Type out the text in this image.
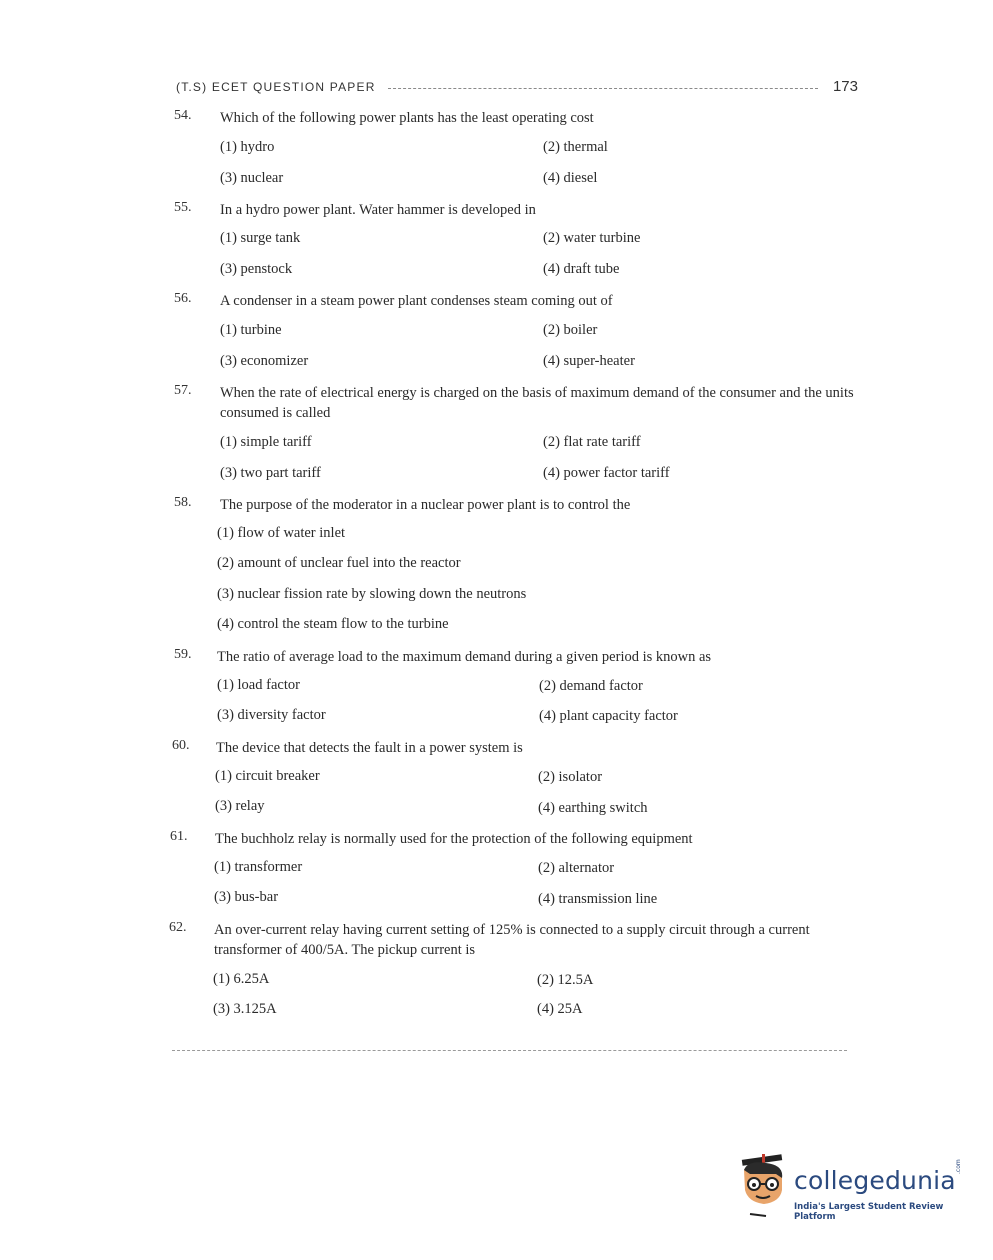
(T.S) ECET QUESTION PAPER	173
54. Which of the following power plants has the least operating cost
(1) hydro	(2) thermal
(3) nuclear	(4) diesel
55. In a hydro power plant. Water hammer is developed in
(1) surge tank	(2) water turbine
(3) penstock	(4) draft tube
56. A condenser in a steam power plant condenses steam coming out of
(1) turbine	(2) boiler
(3) economizer	(4) super-heater
57. When the rate of electrical energy is charged on the basis of maximum demand of the consumer and the units consumed is called
(1) simple tariff	(2) flat rate tariff
(3) two part tariff	(4) power factor tariff
58. The purpose of the moderator in a nuclear power plant is to control the
(1) flow of water inlet
(2) amount of unclear fuel into the reactor
(3) nuclear fission rate by slowing down the neutrons
(4) control the steam flow to the turbine
59. The ratio of average load to the maximum demand during a given period is known as
(1) load factor	(2) demand factor
(3) diversity factor	(4) plant capacity factor
60. The device that detects the fault in a power system is
(1) circuit breaker	(2) isolator
(3) relay	(4) earthing switch
61. The buchholz relay is normally used for the protection of the following equipment
(1) transformer	(2) alternator
(3) bus-bar	(4) transmission line
62. An over-current relay having current setting of 125% is connected to a supply circuit through a current transformer of 400/5A. The pickup current is
(1) 6.25A	(2) 12.5A
(3) 3.125A	(4) 25A
collegedunia .com
India's Largest Student Review Platform
